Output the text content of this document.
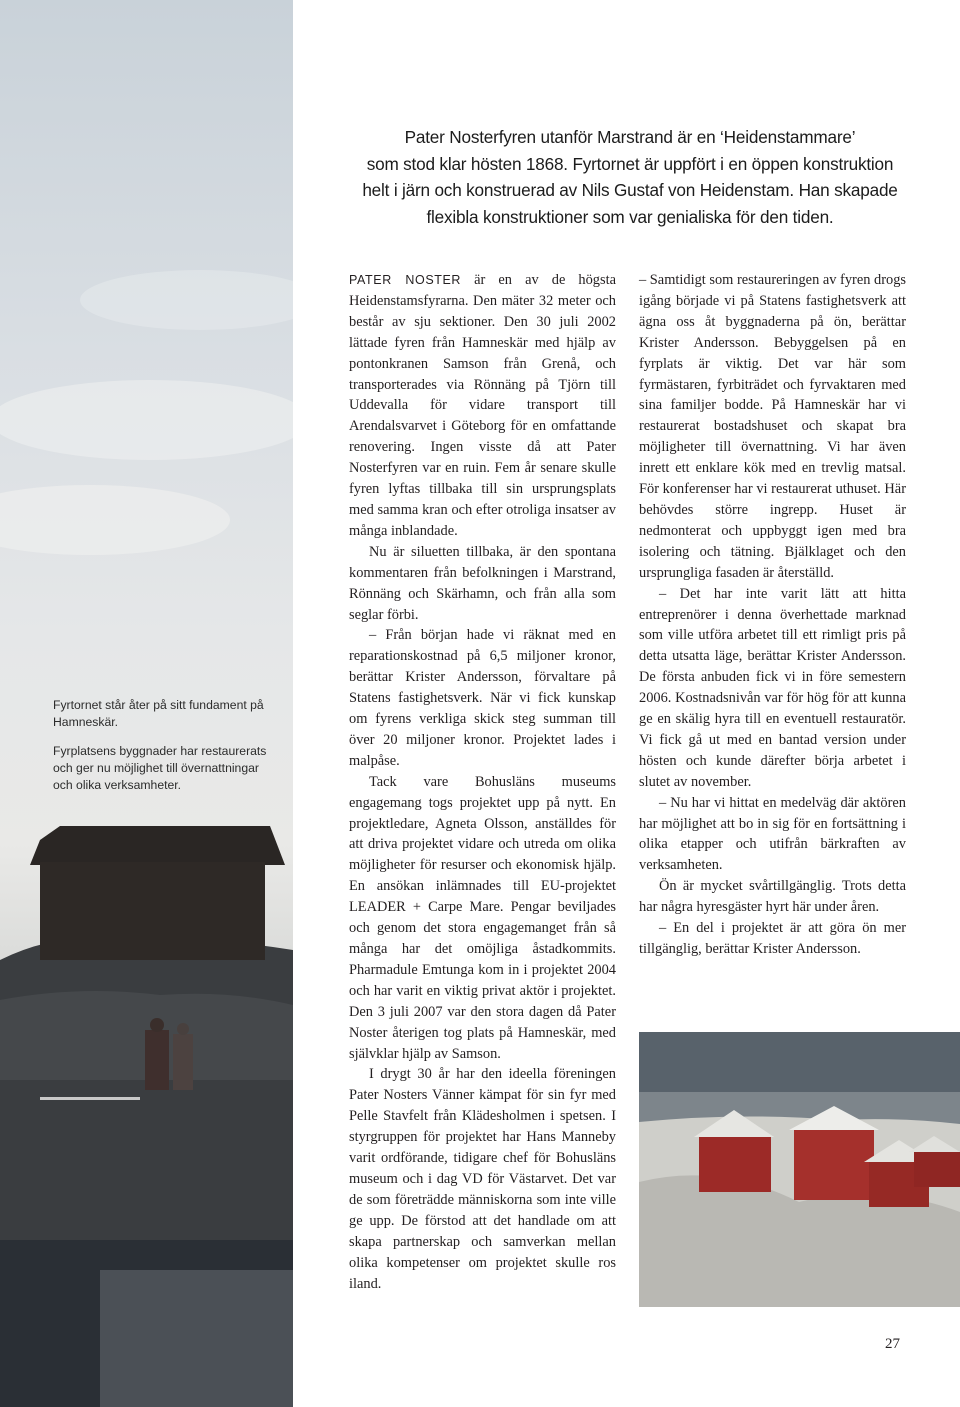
Fyrtornet står åter på sitt fundament på Hamneskär.

Fyrplatsens byggnader har restaurerats och ger nu möjlighet till övernattningar och olika verksamheter.

Pater Nosterfyren utanför Marstrand är en ‘Heidenstammare’

som stod klar hösten 1868. Fyrtornet är uppfört i en öppen konstruktion

helt i järn och konstruerad av Nils Gustaf von Heidenstam. Han skapade

flexibla konstruktioner som var genialiska för den tiden.

PATER NOSTER är en av de högsta Heidenstamsfyrarna. Den mäter 32 meter och består av sju sektioner. Den 30 juli 2002 lättade fyren från Hamneskär med hjälp av pontonkranen Samson från Grenå, och transporterades via Rönnäng på Tjörn till Uddevalla för vidare transport till Arendalsvarvet i Göteborg för en omfattande renovering. Ingen visste då att Pater Nosterfyren var en ruin. Fem år senare skulle fyren lyftas tillbaka till sin ursprungsplats med samma kran och efter otroliga insatser av många inblandade.

Nu är siluetten tillbaka, är den spontana kommentaren från befolkningen i Marstrand, Rönnäng och Skärhamn, och från alla som seglar förbi.

– Från början hade vi räknat med en reparationskostnad på 6,5 miljoner kronor, berättar Krister Andersson, förvaltare på Statens fastighetsverk. När vi fick kunskap om fyrens verkliga skick steg summan till över 20 miljoner kronor. Projektet lades i malpåse.

Tack vare Bohusläns museums engagemang togs projektet upp på nytt. En projektledare, Agneta Olsson, anställdes för att driva projektet vidare och utreda om olika möjligheter för resurser och ekonomisk hjälp. En ansökan inlämnades till EU-projektet LEADER + Carpe Mare. Pengar beviljades och genom det stora engagemanget från så många har det omöjliga åstadkommits. Pharmadule Emtunga kom in i projektet 2004 och har varit en viktig privat aktör i projektet. Den 3 juli 2007 var den stora dagen då Pater Noster återigen tog plats på Hamneskär, med självklar hjälp av Samson.

I drygt 30 år har den ideella föreningen Pater Nosters Vänner kämpat för sin fyr med Pelle Stavfelt från Klädesholmen i spetsen. I styrgruppen för projektet har Hans Manneby varit ordförande, tidigare chef för Bohusläns museum och i dag VD för Västarvet. Det var de som företrädde människorna som inte ville ge upp. De förstod att det handlade om att skapa partnerskap och samverkan mellan olika kompetenser om projektet skulle ros iland.

– Samtidigt som restaureringen av fyren drogs igång började vi på Statens fastighetsverk att ägna oss åt byggnaderna på ön, berättar Krister Andersson. Bebyggelsen på en fyrplats är viktig. Det var här som fyrmästaren, fyrbiträdet och fyrvaktaren med sina familjer bodde. På Hamneskär har vi restaurerat bostadshuset och skapat bra möjligheter till övernattning. Vi har även inrett ett enklare kök med en trevlig matsal. För konferenser har vi restaurerat uthuset. Här behövdes större ingrepp. Huset är nedmonterat och uppbyggt igen med bra isolering och tätning. Bjälklaget och den ursprungliga fasaden är återställd.

– Det har inte varit lätt att hitta entreprenörer i denna överhettade marknad som ville utföra arbetet till ett rimligt pris på detta utsatta läge, berättar Krister Andersson. De första anbuden fick vi in före semestern 2006. Kostnadsnivån var för hög för att kunna ge en skälig hyra till en eventuell restauratör. Vi fick gå ut med en bantad version under hösten och kunde därefter börja arbetet i slutet av november.

– Nu har vi hittat en medelväg där aktören har möjlighet att bo in sig för en fortsättning i olika etapper och utifrån bärkraften av verksamheten.

Ön är mycket svårtillgänglig. Trots detta har några hyresgäster hyrt här under åren.

– En del i projektet är att göra ön mer tillgänglig, berättar Krister Andersson.

27
